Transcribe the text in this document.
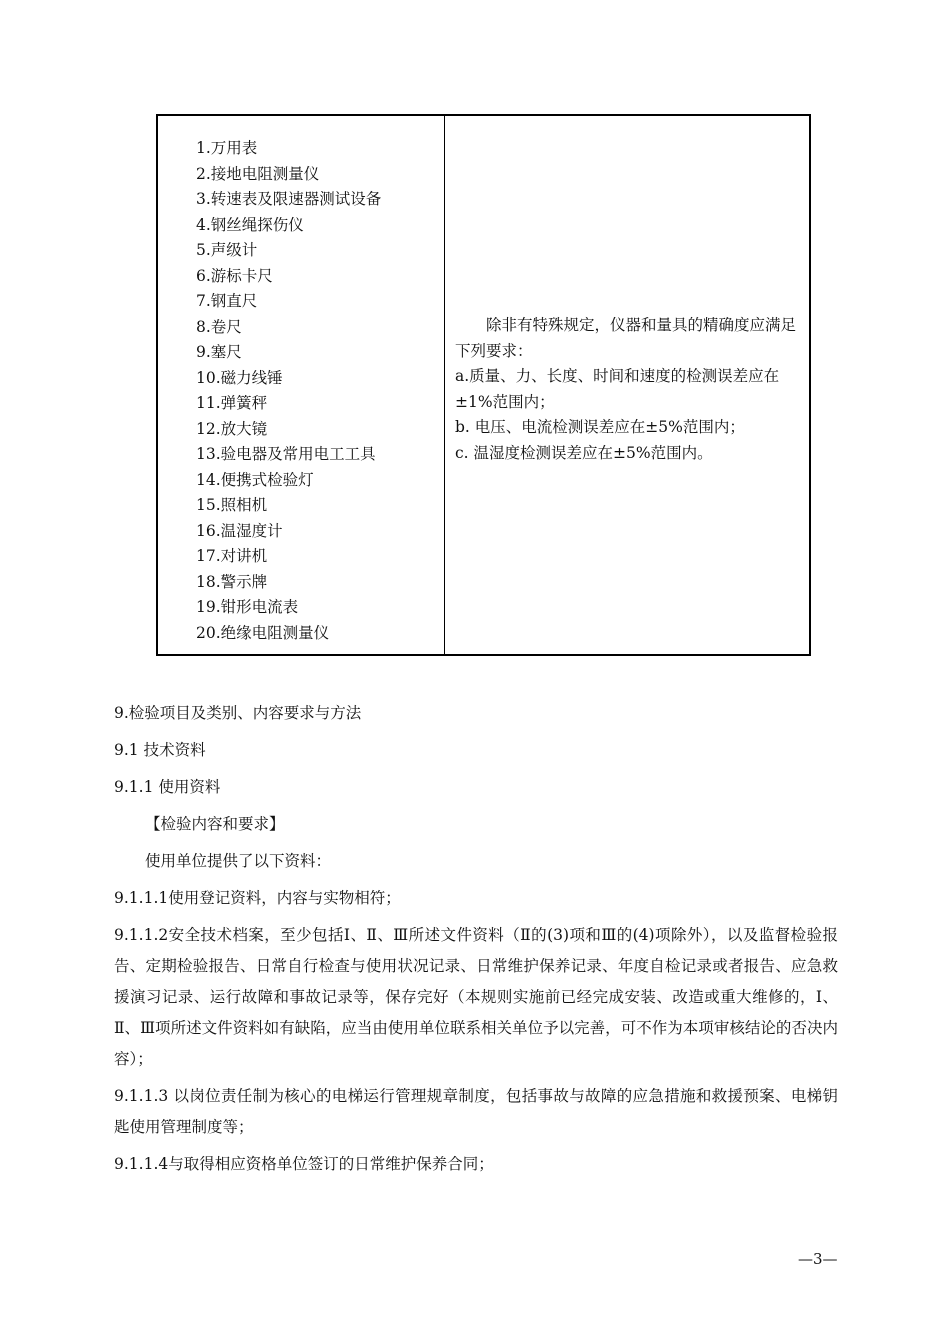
1.万用表
2.接地电阻测量仪
3.转速表及限速器测试设备
4.钢丝绳探伤仪
5.声级计
6.游标卡尺
7.钢直尺
8.卷尺
9.塞尺
10.磁力线锤
11.弹簧秤
12.放大镜
13.验电器及常用电工工具
14.便携式检验灯
15.照相机
16.温湿度计
17.对讲机
18.警示牌
19.钳形电流表
20.绝缘电阻测量仪

除非有特殊规定，仪器和量具的精确度应满足下列要求：

a.质量、力、长度、时间和速度的检测误差应在±1%范围内；

b. 电压、电流检测误差应在±5%范围内；

c. 温湿度检测误差应在±5%范围内。

9.检验项目及类别、内容要求与方法

9.1 技术资料

9.1.1 使用资料

【检验内容和要求】

使用单位提供了以下资料：

9.1.1.1使用登记资料，内容与实物相符；

9.1.1.2安全技术档案，至少包括Ⅰ、Ⅱ、Ⅲ所述文件资料（Ⅱ的(3)项和Ⅲ的(4)项除外），以及监督检验报告、定期检验报告、日常自行检查与使用状况记录、日常维护保养记录、年度自检记录或者报告、应急救援演习记录、运行故障和事故记录等，保存完好（本规则实施前已经完成安装、改造或重大维修的，Ⅰ、Ⅱ、Ⅲ项所述文件资料如有缺陷，应当由使用单位联系相关单位予以完善，可不作为本项审核结论的否决内容）；

9.1.1.3 以岗位责任制为核心的电梯运行管理规章制度，包括事故与故障的应急措施和救援预案、电梯钥匙使用管理制度等；

9.1.1.4与取得相应资格单位签订的日常维护保养合同；

—3—
